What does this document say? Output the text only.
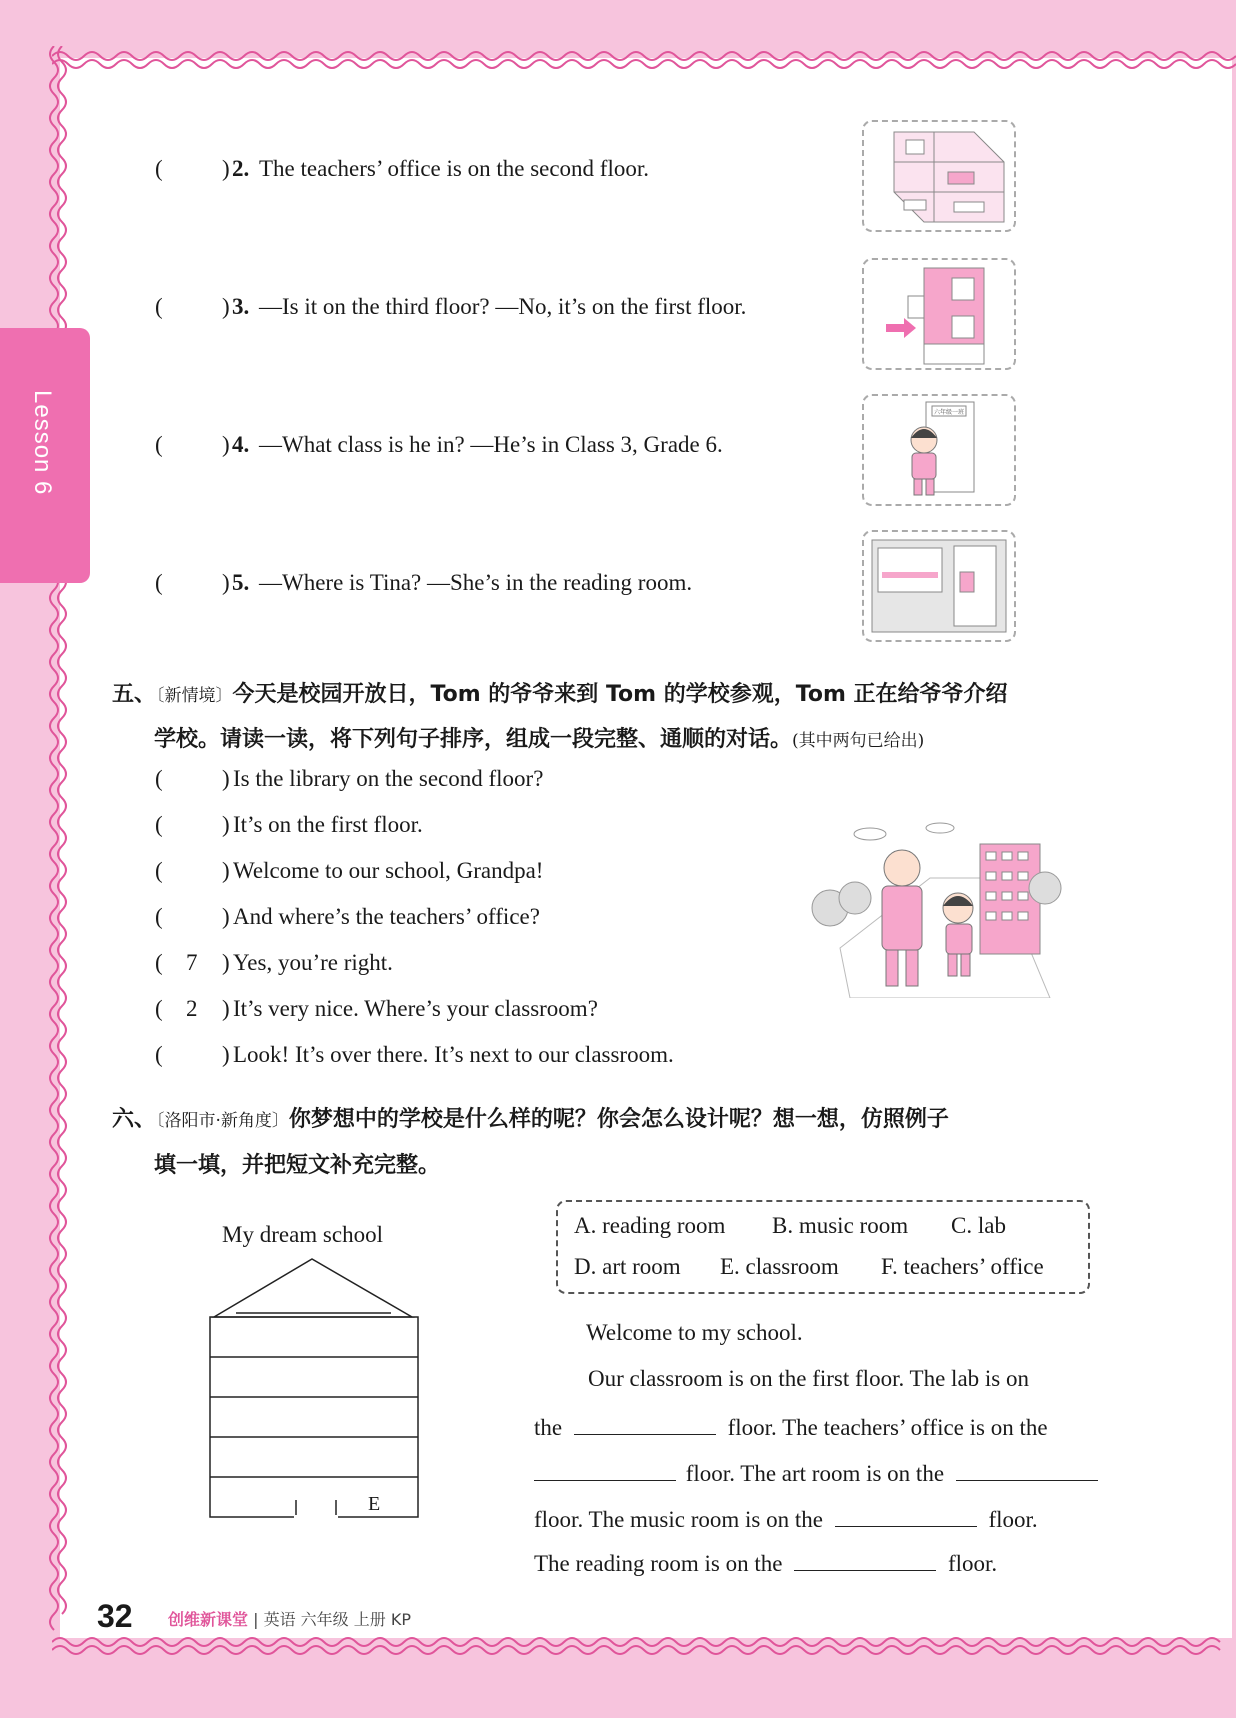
Lesson 6
(	) 2. The teachers’ office is on the second floor.
(	) 3. —Is it on the third floor? —No, it’s on the first floor.
(	) 4. —What class is he in? —He’s in Class 3, Grade 6.
(	) 5. —Where is Tina? —She’s in the reading room.
六年级一班
五、〔新情境〕今天是校园开放日，Tom 的爷爷来到 Tom 的学校参观，Tom 正在给爷爷介绍
学校。请读一读，将下列句子排序，组成一段完整、通顺的对话。(其中两句已给出)
(	) Is the library on the second floor?
(	) It’s on the first floor.
(	) Welcome to our school, Grandpa!
(	) And where’s the teachers’ office?
( 7 ) Yes, you’re right.
( 2 ) It’s very nice. Where’s your classroom?
(	) Look! It’s over there. It’s next to our classroom.
六、〔洛阳市·新角度〕你梦想中的学校是什么样的呢？你会怎么设计呢？想一想，仿照例子
填一填，并把短文补充完整。
My dream school
E
A. reading room B. music room C. lab
D. art room E. classroom F. teachers’ office
Welcome to my school.
Our classroom is on the first floor. The lab is on
the	floor. The teachers’ office is on the
floor. The art room is on the
floor. The music room is on the	floor.
The reading room is on the	floor.
32 创维新课堂 | 英语 六年级 上册 KP
